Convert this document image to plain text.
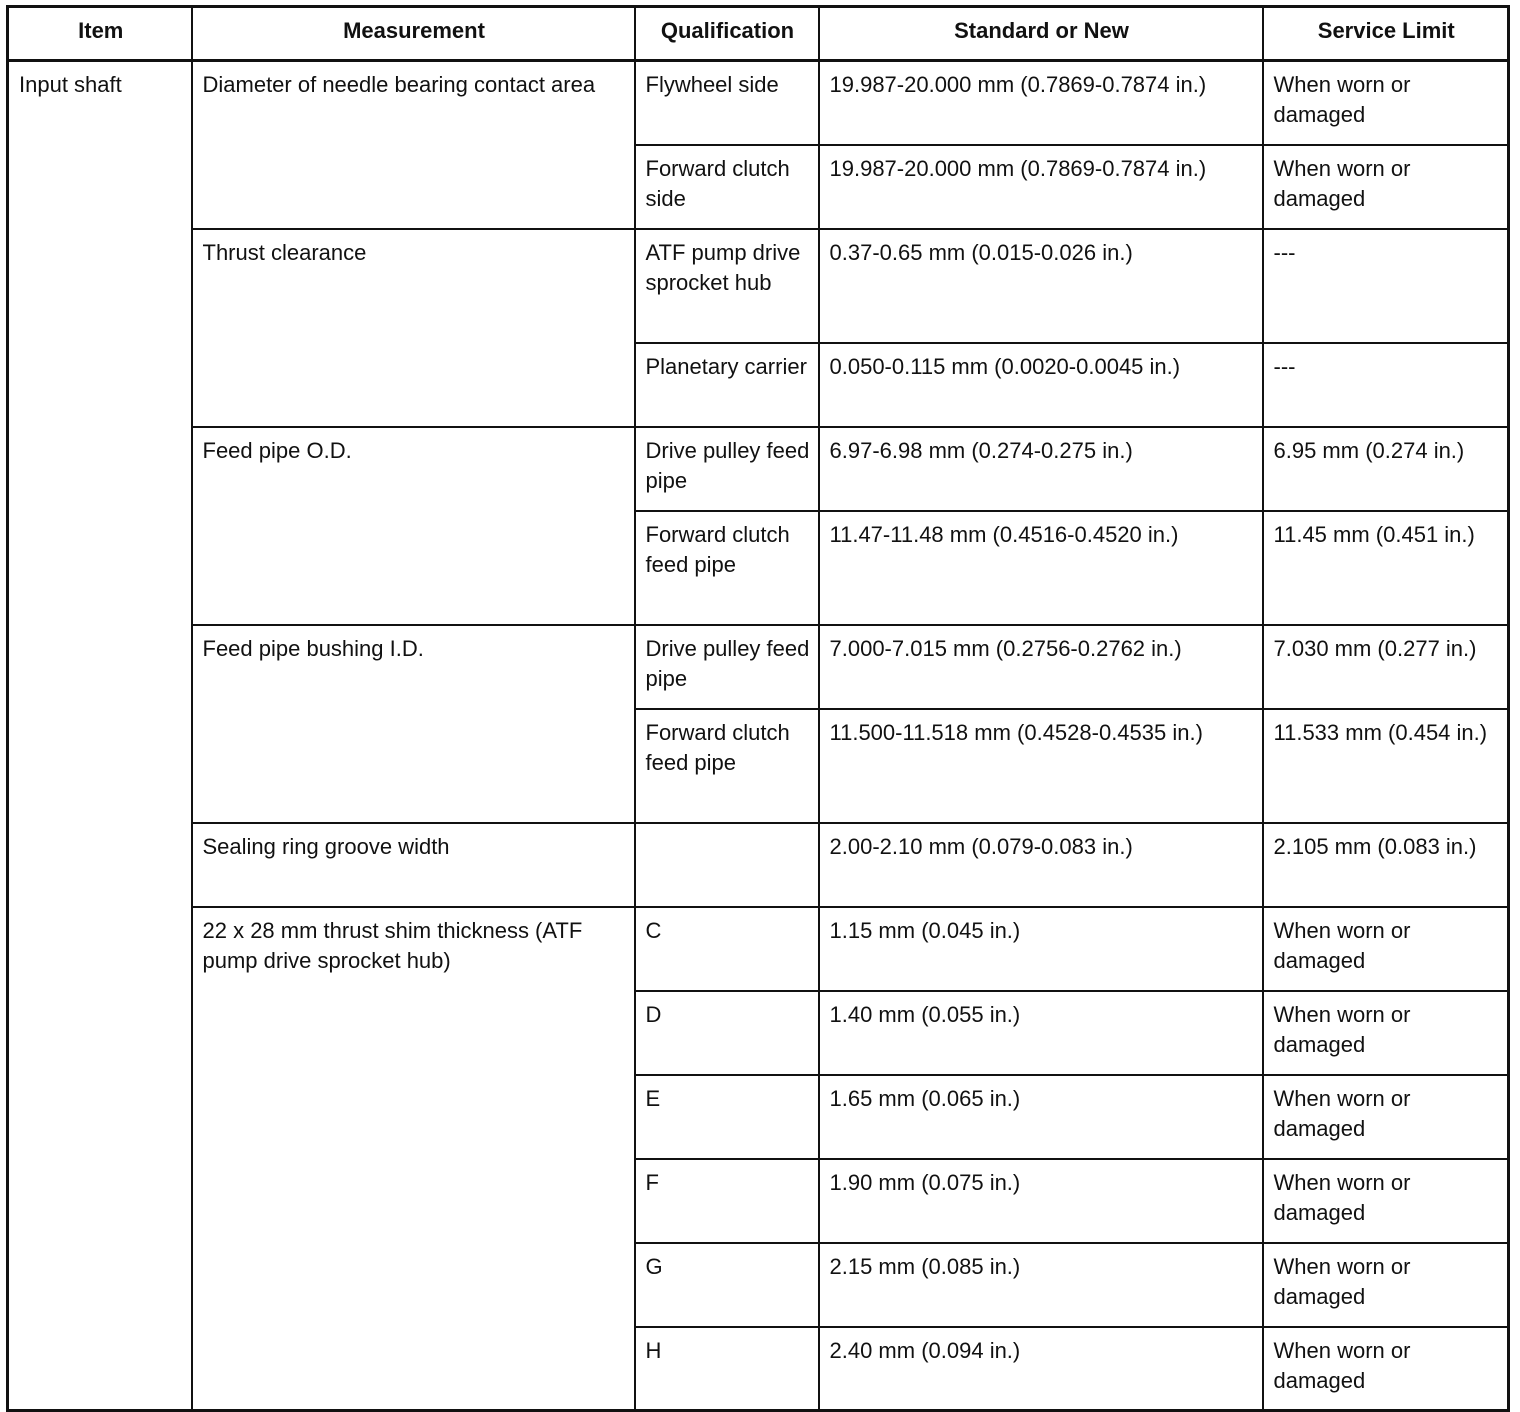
Item	Measurement	Qualification	Standard or New	Service Limit
Input shaft	Diameter of needle bearing contact area	Flywheel side	19.987-20.000 mm (0.7869-0.7874 in.)	When worn or damaged
		Forward clutch side	19.987-20.000 mm (0.7869-0.7874 in.)	When worn or damaged
	Thrust clearance	ATF pump drive sprocket hub	0.37-0.65 mm (0.015-0.026 in.)	---
		Planetary carrier	0.050-0.115 mm (0.0020-0.0045 in.)	---
	Feed pipe O.D.	Drive pulley feed pipe	6.97-6.98 mm (0.274-0.275 in.)	6.95 mm (0.274 in.)
		Forward clutch feed pipe	11.47-11.48 mm (0.4516-0.4520 in.)	11.45 mm (0.451 in.)
	Feed pipe bushing I.D.	Drive pulley feed pipe	7.000-7.015 mm (0.2756-0.2762 in.)	7.030 mm (0.277 in.)
		Forward clutch feed pipe	11.500-11.518 mm (0.4528-0.4535 in.)	11.533 mm (0.454 in.)
	Sealing ring groove width		2.00-2.10 mm (0.079-0.083 in.)	2.105 mm (0.083 in.)
	22 x 28 mm thrust shim thickness (ATF pump drive sprocket hub)	C	1.15 mm (0.045 in.)	When worn or damaged
		D	1.40 mm (0.055 in.)	When worn or damaged
		E	1.65 mm (0.065 in.)	When worn or damaged
		F	1.90 mm (0.075 in.)	When worn or damaged
		G	2.15 mm (0.085 in.)	When worn or damaged
		H	2.40 mm (0.094 in.)	When worn or damaged
